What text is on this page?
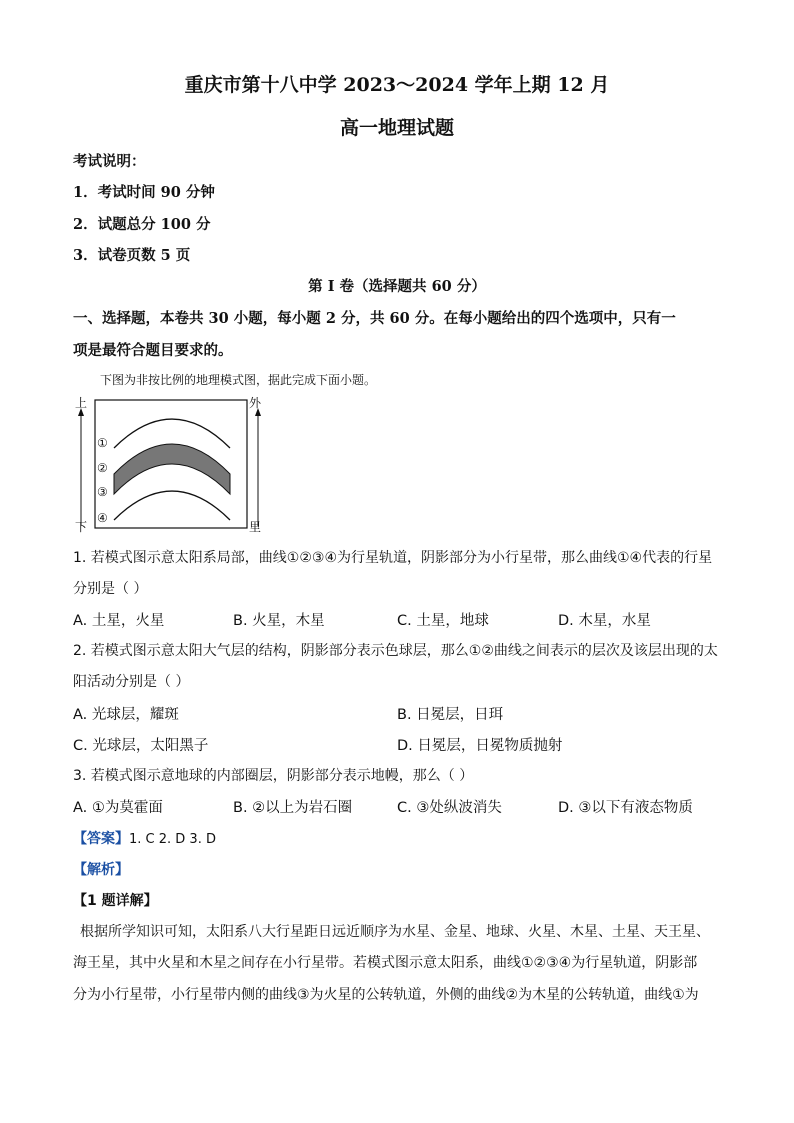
重庆市第十八中学 2023～2024 学年上期 12 月
高一地理试题
考试说明：
1．考试时间 90 分钟
2．试题总分 100 分
3．试卷页数 5 页
第 I 卷（选择题共 60 分）
一、选择题，本卷共 30 小题，每小题 2 分，共 60 分。在每小题给出的四个选项中，只有一
项是最符合题目要求的。
下图为非按比例的地理模式图，据此完成下面小题。
上
下
外
里
①
②
③
④
1. 若模式图示意太阳系局部，曲线①②③④为行星轨道，阴影部分为小行星带，那么曲线①④代表的行星
分别是（ ）
A. 土星，火星	B. 火星，木星	C. 土星，地球	D. 木星，水星
2. 若模式图示意太阳大气层的结构，阴影部分表示色球层，那么①②曲线之间表示的层次及该层出现的太
阳活动分别是（ ）
A. 光球层，耀斑	B. 日冕层，日珥
C. 光球层，太阳黑子	D. 日冕层，日冕物质抛射
3. 若模式图示意地球的内部圈层，阴影部分表示地幔，那么（ ）
A. ①为莫霍面	B. ②以上为岩石圈	C. ③处纵波消失	D. ③以下有液态物质
【答案】1. C 2. D 3. D
【解析】
【1 题详解】
根据所学知识可知，太阳系八大行星距日远近顺序为水星、金星、地球、火星、木星、土星、天王星、
海王星，其中火星和木星之间存在小行星带。若模式图示意太阳系，曲线①②③④为行星轨道，阴影部
分为小行星带，小行星带内侧的曲线③为火星的公转轨道，外侧的曲线②为木星的公转轨道，曲线①为
